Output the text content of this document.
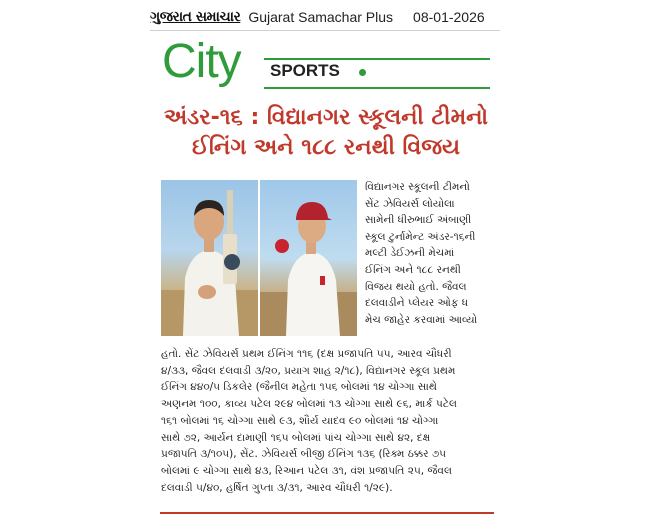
ગુજરાત સમાચાર Gujarat Samachar Plus 08-01-2026
City SPORTS
અંડર-૧૬ : વિદ્યાનગર સ્કૂલની ટીમનો
ઈનિંગ અને ૧૮૮ રનથી વિજય
વિદ્યાનગર સ્કૂલની ટીમનો
સેંટ ઝેવિયર્સ લોયોલા
સામેની ધીરુભાઈ અંબાણી
સ્કૂલ ટુર્નામેન્ટ અંડર-૧૬ની
મલ્ટી ડેઈઝની મેચમાં
ઈનિંગ અને ૧૮૮ રનથી
વિજય થયો હતો. જૈવલ
દલવાડીને પ્લેયર ઓફ ધ
મેચ જાહેર કરવામાં આવ્યો
હતો. સેંટ ઝેવિયર્સ પ્રથમ ઈનિંગ ૧૧૬ (દક્ષ પ્રજાપતિ ૫૫, આરવ ચૌધરી
૪/૩૩, જૈવલ દલવાડી ૩/૨૦, પ્રયાગ શાહ ૨/૧૮), વિદ્યાનગર સ્કૂલ પ્રથમ
ઈનિંગ ૪૪૦/૫ ડિકલેર (જૈનીલ મહેતા ૧૫૬ બોલમાં ૧૪ ચોગ્ગા સાથે
અણનમ ૧૦૦, કાવ્ય પટેલ ૨૯૪ બોલમાં ૧૩ ચોગ્ગા સાથે ૯૬, માર્ક પટેલ
૧૬૧ બોલમાં ૧૬ ચોગ્ગા સાથે ૯૩, શૌર્ય યાદવ ૯૦ બોલમાં ૧૪ ચોગ્ગા
સાથે ૭૨, આર્યન દામાણી ૧૬૫ બોલમાં પાંચ ચોગ્ગા સાથે ૪૨, દક્ષ
પ્રજાપતિ ૩/૧૦૫), સેંટ. ઝેવિયર્સ બીજી ઈનિંગ ૧૩૬ (રિક્મ ઠક્કર ૭૫
બોલમાં ૯ ચોગ્ગા સાથે ૪૩, રિઆન પટેલ ૩૧, વંશ પ્રજાપતિ ૨૫, જૈવલ
દલવાડી ૫/૪૦, હર્ષિત ગુપ્તા ૩/૩૧, આરવ ચૌધરી ૧/૨૯).
